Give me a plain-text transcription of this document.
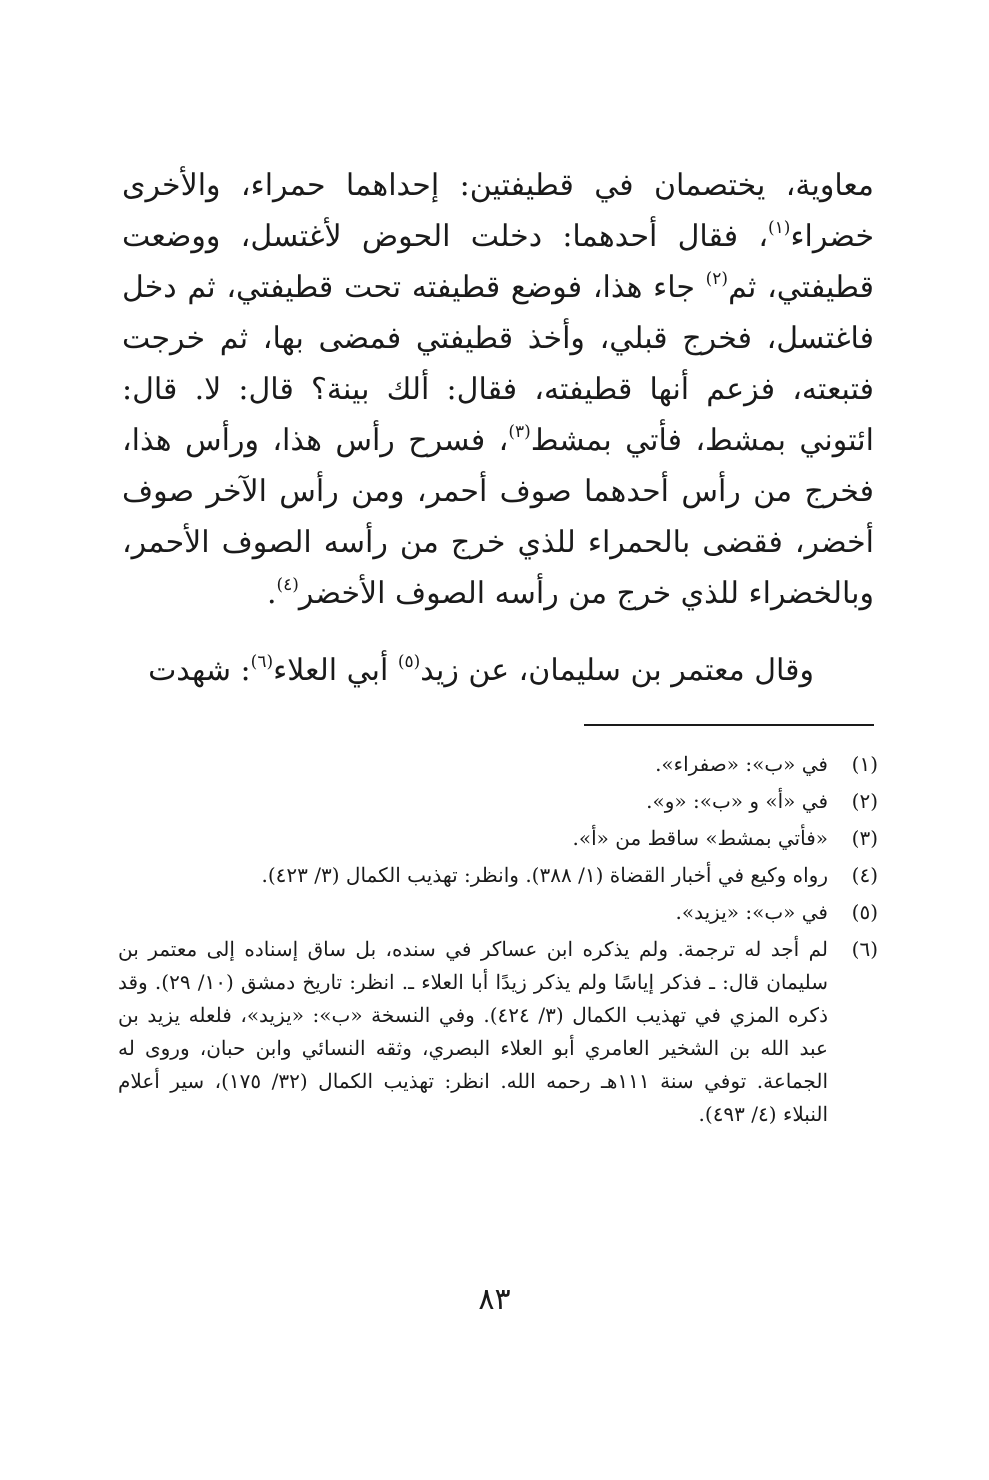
معاوية، يختصمان في قطيفتين: إحداهما حمراء، والأخرى خضراء$^{(١)}$، فقال أحدهما: دخلت الحوض لأغتسل، ووضعت قطيفتي، ثم$^{(٢)}$ جاء هذا، فوضع قطيفته تحت قطيفتي، ثم دخل فاغتسل، فخرج قبلي، وأخذ قطيفتي فمضى بها، ثم خرجت فتبعته، فزعم أنها قطيفته، فقال: ألك بينة؟ قال: لا. قال: ائتوني بمشط، فأتي بمشط$^{(٣)}$، فسرح رأس هذا، ورأس هذا، فخرج من رأس أحدهما صوف أحمر، ومن رأس الآخر صوف أخضر، فقضى بالحمراء للذي خرج من رأسه الصوف الأحمر، وبالخضراء للذي خرج من رأسه الصوف الأخضر$^{(٤)}$.

وقال معتمر بن سليمان، عن زيد$^{(٥)}$ أبي العلاء$^{(٦)}$: شهدت

(١)
في «ب»: «صفراء».
(٢)
في «أ» و «ب»: «و».
(٣)
«فأتي بمشط» ساقط من «أ».
(٤)
رواه وكيع في أخبار القضاة (١/ ٣٨٨). وانظر: تهذيب الكمال (٣/ ٤٢٣).
(٥)
في «ب»: «يزيد».
(٦)
لم أجد له ترجمة. ولم يذكره ابن عساكر في سنده، بل ساق إسناده إلى معتمر بن سليمان قال: ـ فذكر إياسًا ولم يذكر زيدًا أبا العلاء ـ. انظر: تاريخ دمشق (١٠/ ٢٩). وقد ذكره المزي في تهذيب الكمال (٣/ ٤٢٤). وفي النسخة «ب»: «يزيد»، فلعله يزيد بن عبد الله بن الشخير العامري أبو العلاء البصري، وثقه النسائي وابن حبان، وروى له الجماعة. توفي سنة ١١١هـ رحمه الله. انظر: تهذيب الكمال (٣٢/ ١٧٥)، سير أعلام النبلاء (٤/ ٤٩٣).
٨٣
